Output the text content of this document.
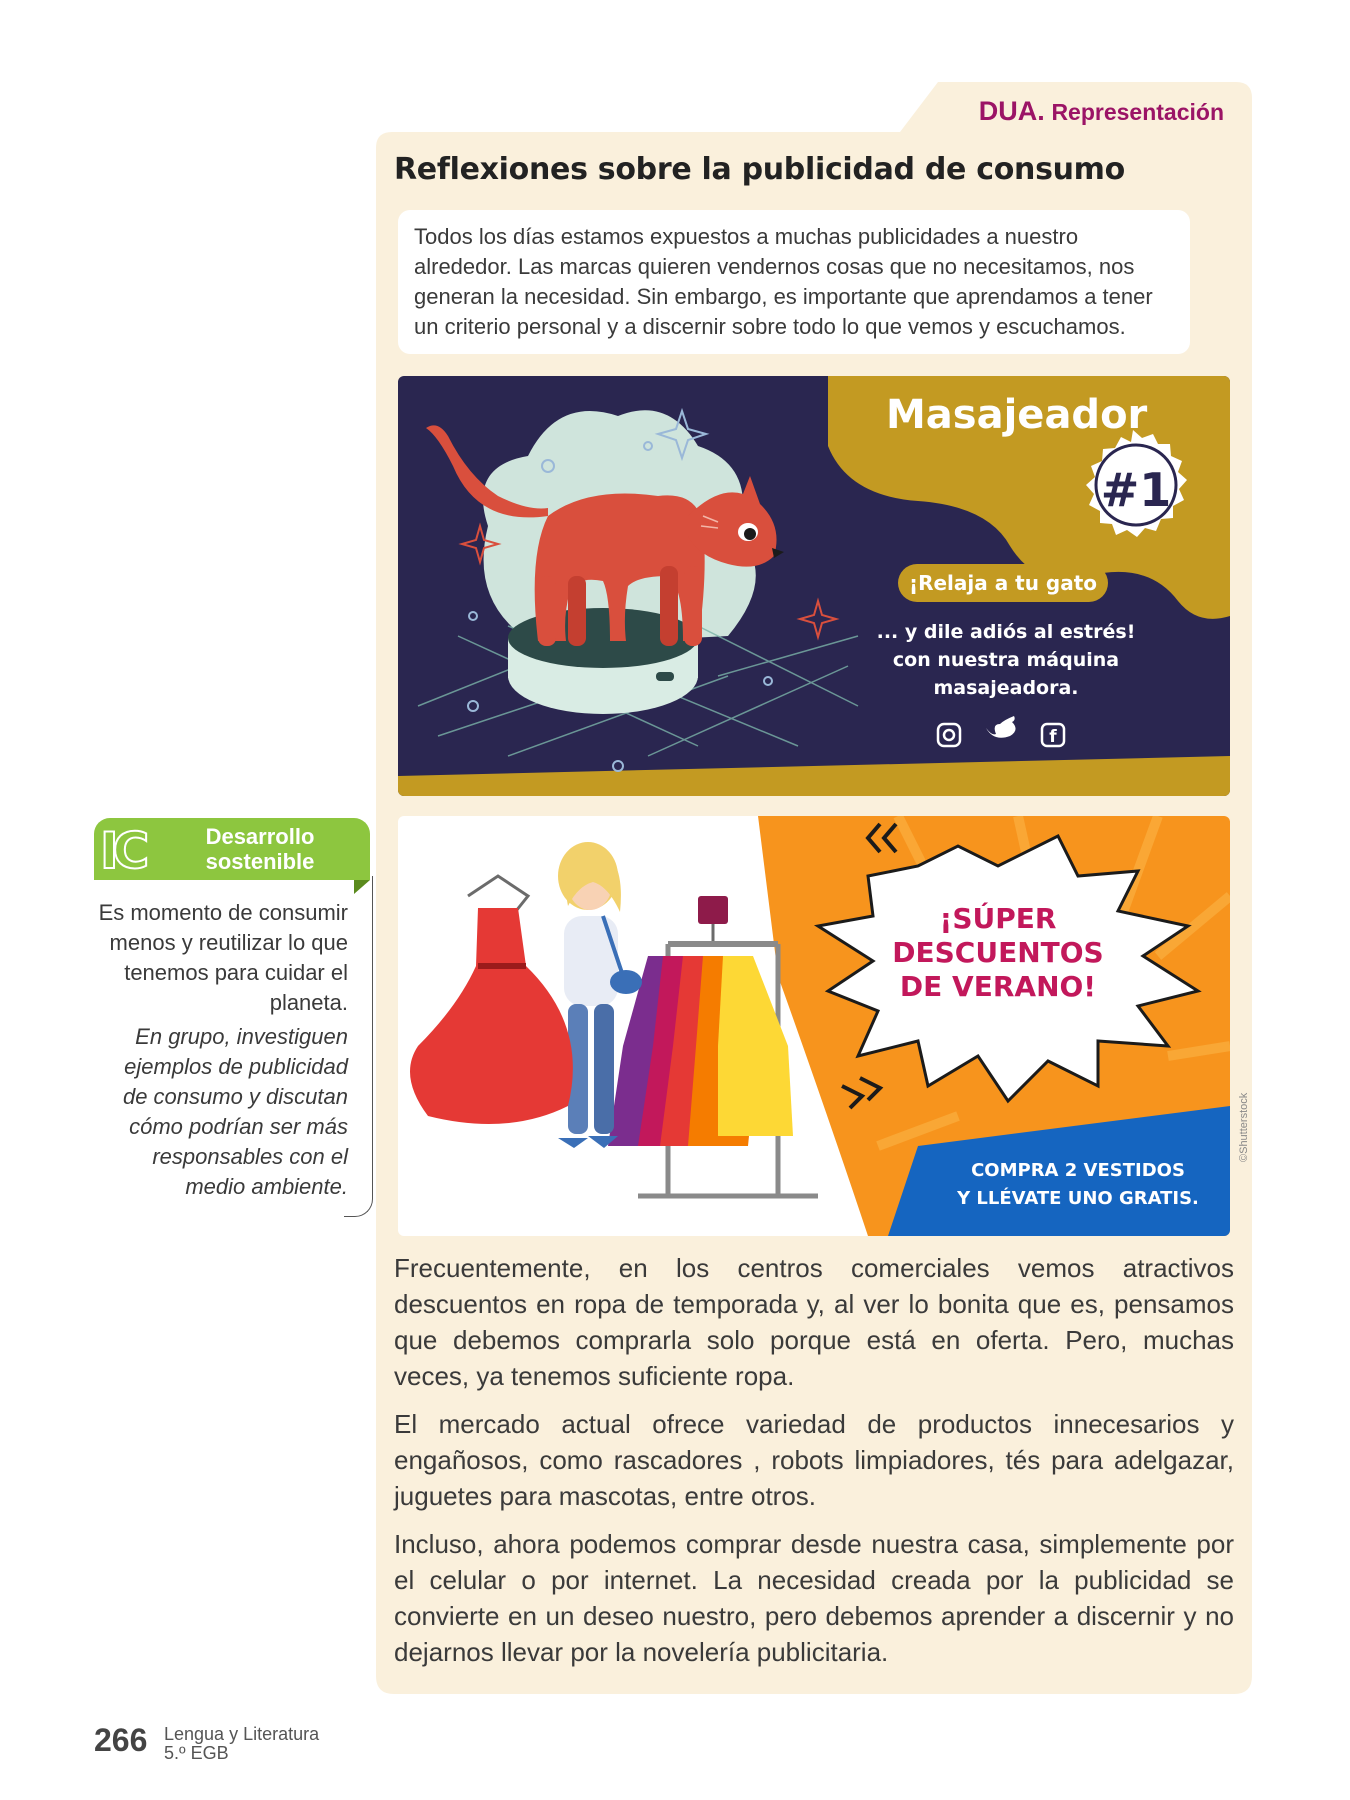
DUA. Representación
Reflexiones sobre la publicidad de consumo
Todos los días estamos expuestos a muchas publicidades a nuestro alrededor. Las marcas quieren vendernos cosas que no necesitamos, nos generan la necesidad. Sin embargo, es importante que aprendamos a tener un criterio personal y a discernir sobre todo lo que vemos y escuchamos.
Masajeador
#1
¡Relaja a tu gato
... y dile adiós al estrés!
con nuestra máquina
masajeadora.
f
¡SÚPER
DESCUENTOS
DE VERANO!
COMPRA 2 VESTIDOS
Y LLÉVATE UNO GRATIS.
©Shutterstock

Frecuentemente, en los centros comerciales vemos atractivos descuentos en ropa de temporada y, al ver lo bonita que es, pensamos que debemos comprarla solo porque está en oferta. Pero, muchas veces, ya tenemos suficiente ropa.

El mercado actual ofrece variedad de productos innecesarios y engañosos, como rascadores , robots limpiadores, tés para adelgazar, juguetes para mascotas, entre otros.

Incluso, ahora podemos comprar desde nuestra casa, simplemente por el celular o por internet. La necesidad creada por la publicidad se convierte en un deseo nuestro, pero debemos aprender a discernir y no dejarnos llevar por la novelería publicitaria.

IC	Desarrollo
sostenible
Es momento de consumir menos y reutilizar lo que tenemos para cuidar el planeta.
En grupo, investiguen ejemplos de publicidad de consumo y discutan cómo podrían ser más responsables con el medio ambiente.
266 Lengua y Literatura
5.º EGB
